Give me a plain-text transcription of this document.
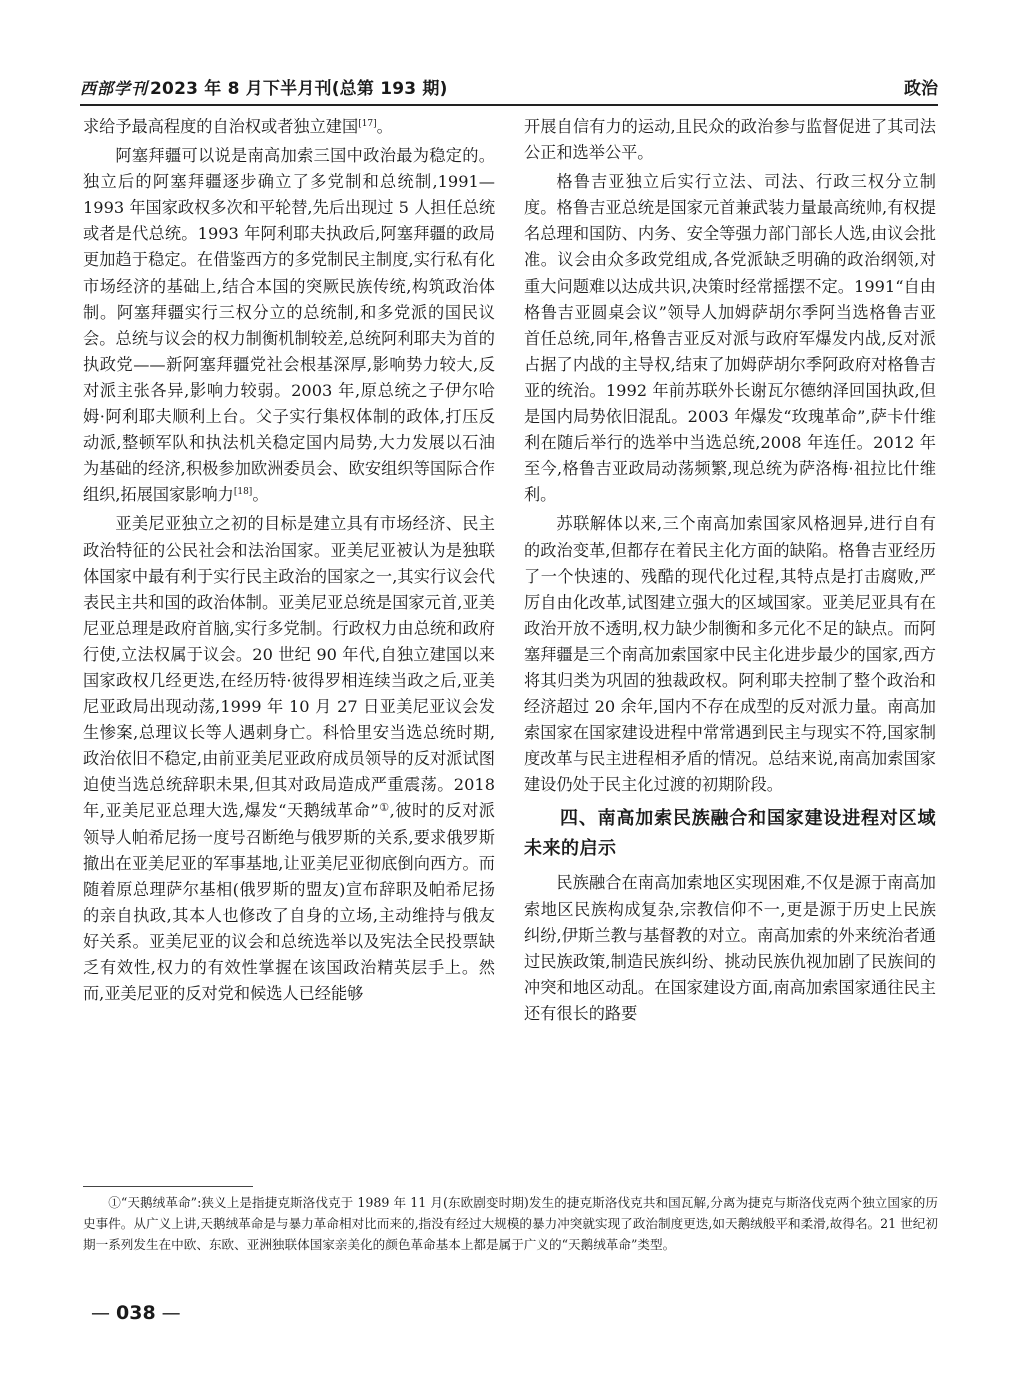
西部学刊 2023 年 8 月下半月刊(总第 193 期)	政治

求给予最高程度的自治权或者独立建国[17]。

阿塞拜疆可以说是南高加索三国中政治最为稳定的。独立后的阿塞拜疆逐步确立了多党制和总统制,1991—1993 年国家政权多次和平轮替,先后出现过 5 人担任总统或者是代总统。1993 年阿利耶夫执政后,阿塞拜疆的政局更加趋于稳定。在借鉴西方的多党制民主制度,实行私有化市场经济的基础上,结合本国的突厥民族传统,构筑政治体制。阿塞拜疆实行三权分立的总统制,和多党派的国民议会。总统与议会的权力制衡机制较差,总统阿利耶夫为首的执政党——新阿塞拜疆党社会根基深厚,影响势力较大,反对派主张各异,影响力较弱。2003 年,原总统之子伊尔哈姆·阿利耶夫顺利上台。父子实行集权体制的政体,打压反动派,整顿军队和执法机关稳定国内局势,大力发展以石油为基础的经济,积极参加欧洲委员会、欧安组织等国际合作组织,拓展国家影响力[18]。

亚美尼亚独立之初的目标是建立具有市场经济、民主政治特征的公民社会和法治国家。亚美尼亚被认为是独联体国家中最有利于实行民主政治的国家之一,其实行议会代表民主共和国的政治体制。亚美尼亚总统是国家元首,亚美尼亚总理是政府首脑,实行多党制。行政权力由总统和政府行使,立法权属于议会。20 世纪 90 年代,自独立建国以来国家政权几经更迭,在经历特·彼得罗相连续当政之后,亚美尼亚政局出现动荡,1999 年 10 月 27 日亚美尼亚议会发生惨案,总理议长等人遇刺身亡。科恰里安当选总统时期,政治依旧不稳定,由前亚美尼亚政府成员领导的反对派试图迫使当选总统辞职未果,但其对政局造成严重震荡。2018 年,亚美尼亚总理大选,爆发“天鹅绒革命”①,彼时的反对派领导人帕希尼扬一度号召断绝与俄罗斯的关系,要求俄罗斯撤出在亚美尼亚的军事基地,让亚美尼亚彻底倒向西方。而随着原总理萨尔基相(俄罗斯的盟友)宣布辞职及帕希尼扬的亲自执政,其本人也修改了自身的立场,主动维持与俄友好关系。亚美尼亚的议会和总统选举以及宪法全民投票缺乏有效性,权力的有效性掌握在该国政治精英层手上。然而,亚美尼亚的反对党和候选人已经能够

开展自信有力的运动,且民众的政治参与监督促进了其司法公正和选举公平。

格鲁吉亚独立后实行立法、司法、行政三权分立制度。格鲁吉亚总统是国家元首兼武装力量最高统帅,有权提名总理和国防、内务、安全等强力部门部长人选,由议会批准。议会由众多政党组成,各党派缺乏明确的政治纲领,对重大问题难以达成共识,决策时经常摇摆不定。1991“自由格鲁吉亚圆桌会议”领导人加姆萨胡尔季阿当选格鲁吉亚首任总统,同年,格鲁吉亚反对派与政府军爆发内战,反对派占据了内战的主导权,结束了加姆萨胡尔季阿政府对格鲁吉亚的统治。1992 年前苏联外长谢瓦尔德纳泽回国执政,但是国内局势依旧混乱。2003 年爆发“玫瑰革命”,萨卡什维利在随后举行的选举中当选总统,2008 年连任。2012 年至今,格鲁吉亚政局动荡频繁,现总统为萨洛梅·祖拉比什维利。

苏联解体以来,三个南高加索国家风格迥异,进行自有的政治变革,但都存在着民主化方面的缺陷。格鲁吉亚经历了一个快速的、残酷的现代化过程,其特点是打击腐败,严厉自由化改革,试图建立强大的区域国家。亚美尼亚具有在政治开放不透明,权力缺少制衡和多元化不足的缺点。而阿塞拜疆是三个南高加索国家中民主化进步最少的国家,西方将其归类为巩固的独裁政权。阿利耶夫控制了整个政治和经济超过 20 余年,国内不存在成型的反对派力量。南高加索国家在国家建设进程中常常遇到民主与现实不符,国家制度改革与民主进程相矛盾的情况。总结来说,南高加索国家建设仍处于民主化过渡的初期阶段。

四、南高加索民族融合和国家建设进程对区域未来的启示

民族融合在南高加索地区实现困难,不仅是源于南高加索地区民族构成复杂,宗教信仰不一,更是源于历史上民族纠纷,伊斯兰教与基督教的对立。南高加索的外来统治者通过民族政策,制造民族纠纷、挑动民族仇视加剧了民族间的冲突和地区动乱。在国家建设方面,南高加索国家通往民主还有很长的路要

①“天鹅绒革命”:狭义上是指捷克斯洛伐克于 1989 年 11 月(东欧剧变时期)发生的捷克斯洛伐克共和国瓦解,分离为捷克与斯洛伐克两个独立国家的历史事件。从广义上讲,天鹅绒革命是与暴力革命相对比而来的,指没有经过大规模的暴力冲突就实现了政治制度更迭,如天鹅绒般平和柔滑,故得名。21 世纪初期一系列发生在中欧、东欧、亚洲独联体国家亲美化的颜色革命基本上都是属于广义的“天鹅绒革命”类型。
— 038 —
